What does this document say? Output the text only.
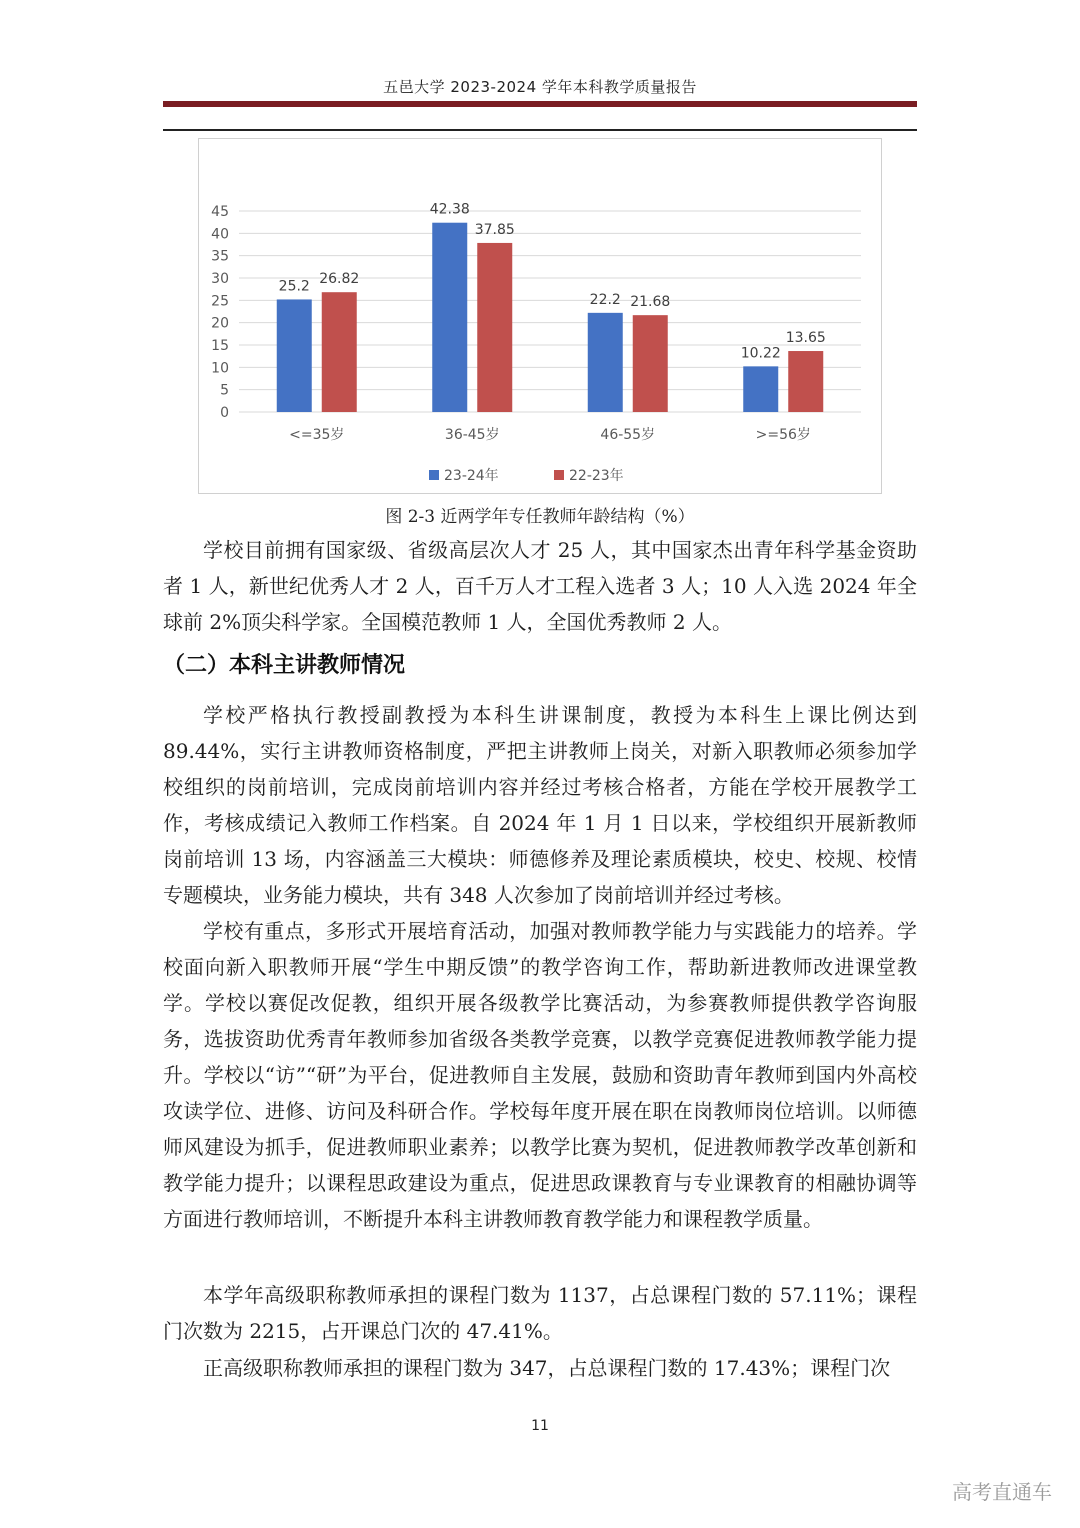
五邑大学 2023-2024 学年本科教学质量报告
0
5
10
15
20
25
30
35
40
45
25.2 26.82
<=35岁
42.38
37.85
36-45岁
22.2 21.68
46-55岁
10.22
13.65
>=56岁
23-24年	22-23年
图 2-3 近两学年专任教师年龄结构（%）
学校目前拥有国家级、省级高层次人才 25 人，其中国家杰出青年科学基金资助者 1 人，新世纪优秀人才 2 人，百千万人才工程入选者 3 人；10 人入选 2024 年全球前 2%顶尖科学家。全国模范教师 1 人，全国优秀教师 2 人。
（二）本科主讲教师情况
学校严格执行教授副教授为本科生讲课制度，教授为本科生上课比例达到 89.44%，实行主讲教师资格制度，严把主讲教师上岗关，对新入职教师必须参加学校组织的岗前培训，完成岗前培训内容并经过考核合格者，方能在学校开展教学工作，考核成绩记入教师工作档案。自 2024 年 1 月 1 日以来，学校组织开展新教师岗前培训 13 场，内容涵盖三大模块：师德修养及理论素质模块，校史、校规、校情专题模块，业务能力模块，共有 348 人次参加了岗前培训并经过考核。
学校有重点，多形式开展培育活动，加强对教师教学能力与实践能力的培养。学校面向新入职教师开展“学生中期反馈”的教学咨询工作，帮助新进教师改进课堂教学。学校以赛促改促教，组织开展各级教学比赛活动，为参赛教师提供教学咨询服务，选拔资助优秀青年教师参加省级各类教学竞赛，以教学竞赛促进教师教学能力提升。学校以“访”“研”为平台，促进教师自主发展，鼓励和资助青年教师到国内外高校攻读学位、进修、访问及科研合作。学校每年度开展在职在岗教师岗位培训。以师德师风建设为抓手，促进教师职业素养；以教学比赛为契机，促进教师教学改革创新和教学能力提升；以课程思政建设为重点，促进思政课教育与专业课教育的相融协调等方面进行教师培训，不断提升本科主讲教师教育教学能力和课程教学质量。
本学年高级职称教师承担的课程门数为 1137，占总课程门数的 57.11%；课程门次数为 2215，占开课总门次的 47.41%。
正高级职称教师承担的课程门数为 347，占总课程门数的 17.43%；课程门次
11
高考直通车
